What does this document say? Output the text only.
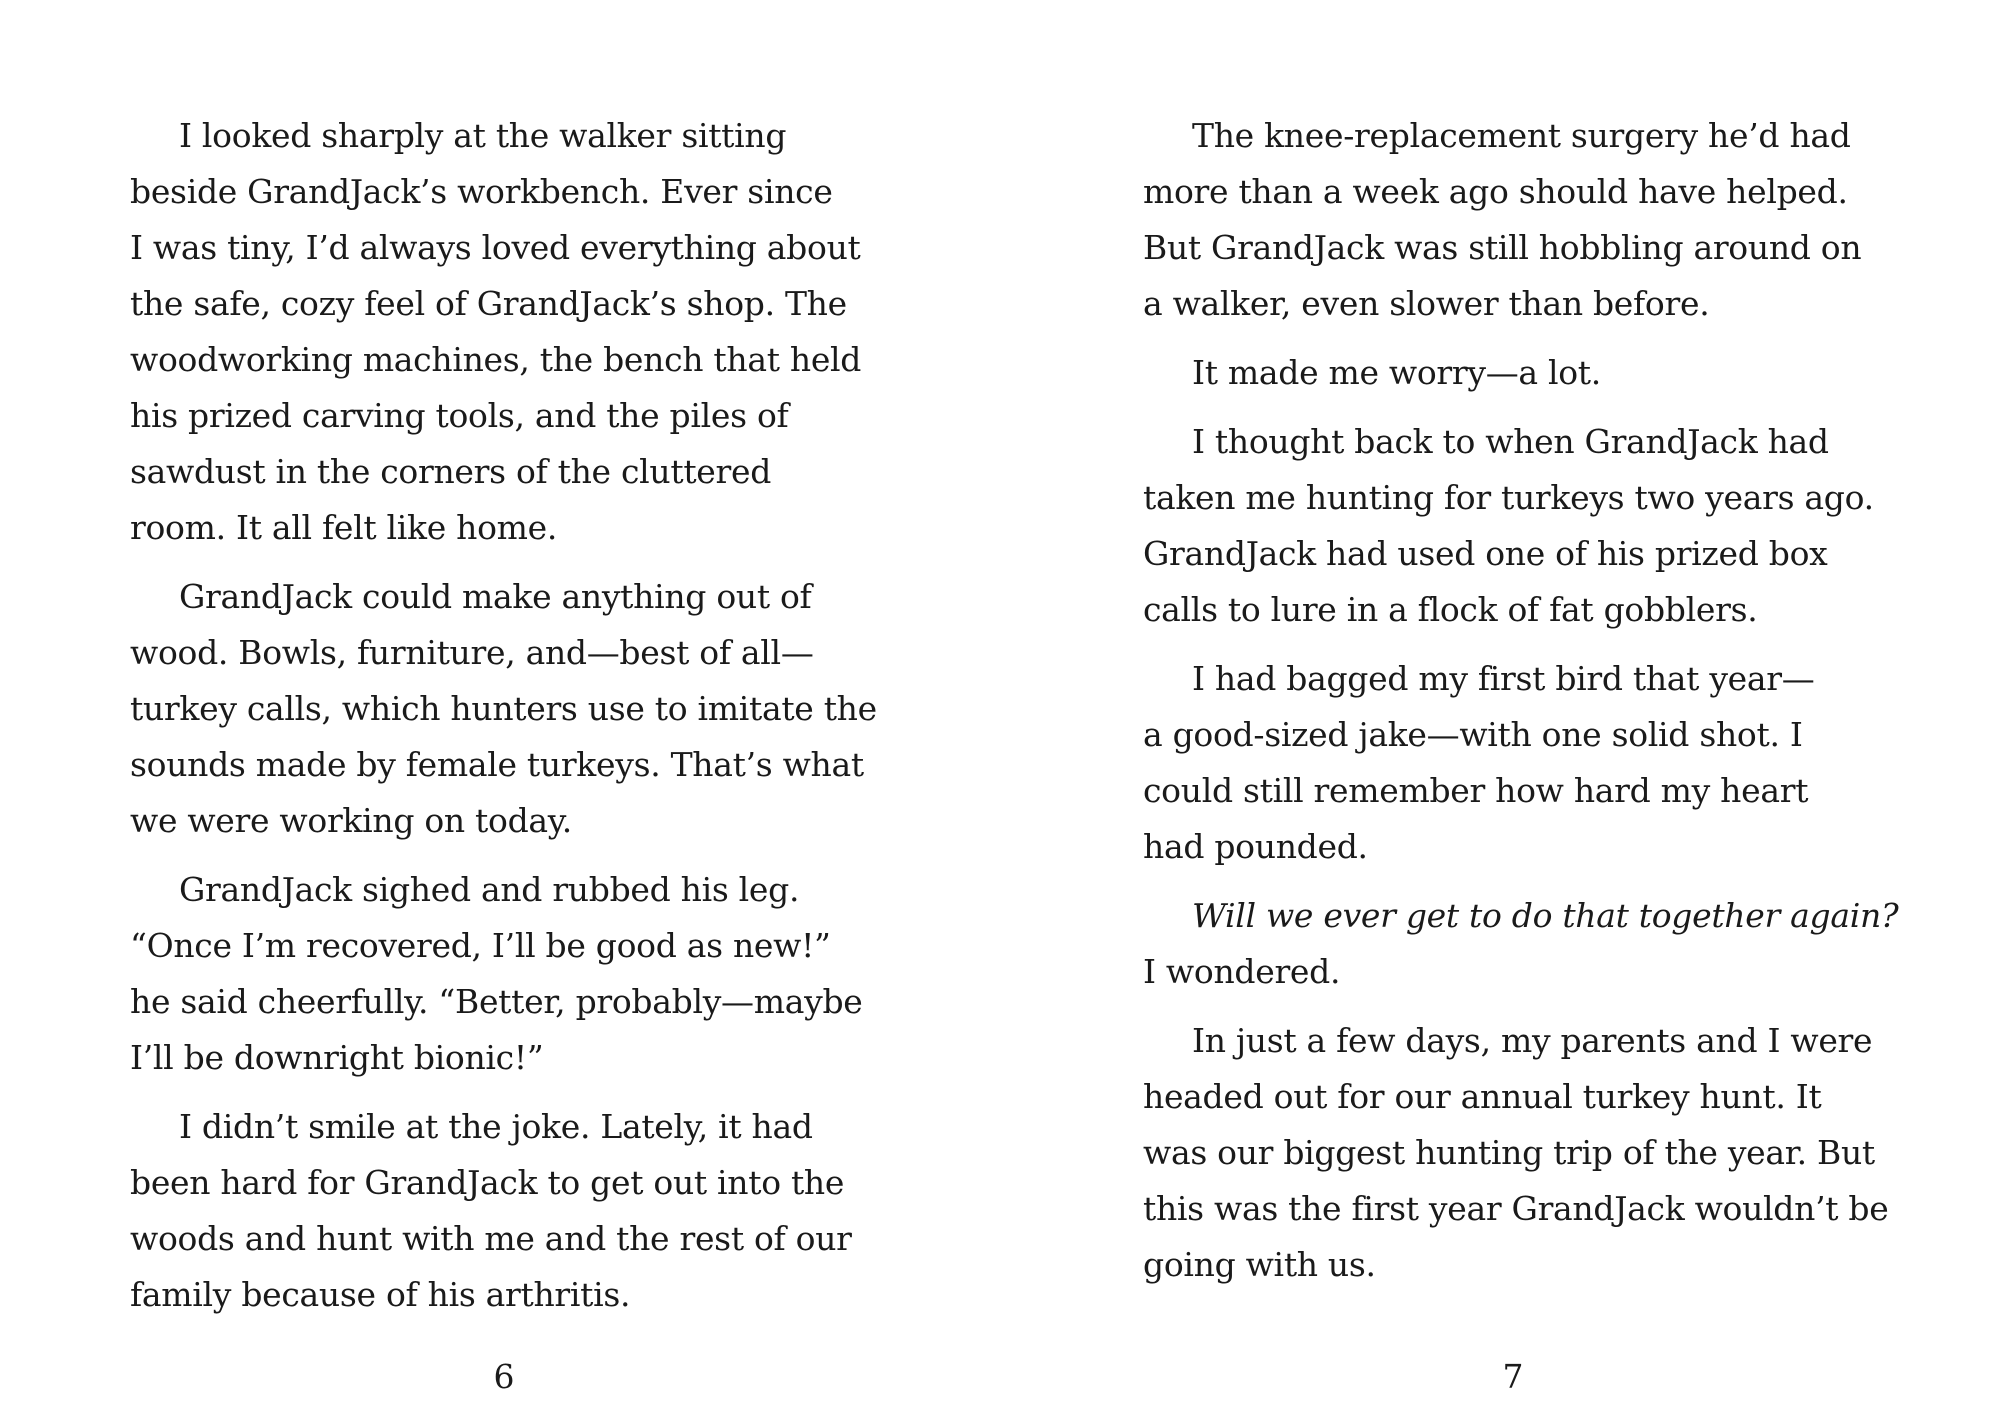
I looked sharply at the walker sitting
beside GrandJack’s workbench. Ever since
I was tiny, I’d always loved everything about
the safe, cozy feel of GrandJack’s shop. The
woodworking machines, the bench that held
his prized carving tools, and the piles of
sawdust in the corners of the cluttered
room. It all felt like home.

GrandJack could make anything out of
wood. Bowls, furniture, and—best of all—
turkey calls, which hunters use to imitate the
sounds made by female turkeys. That’s what
we were working on today.

GrandJack sighed and rubbed his leg.
“Once I’m recovered, I’ll be good as new!”
he said cheerfully. “Better, probably—maybe
I’ll be downright bionic!”

I didn’t smile at the joke. Lately, it had
been hard for GrandJack to get out into the
woods and hunt with me and the rest of our
family because of his arthritis.

6

The knee-replacement surgery he’d had
more than a week ago should have helped.
But GrandJack was still hobbling around on
a walker, even slower than before.

It made me worry—a lot.

I thought back to when GrandJack had
taken me hunting for turkeys two years ago.
GrandJack had used one of his prized box
calls to lure in a flock of fat gobblers.

I had bagged my first bird that year—
a good-sized jake—with one solid shot. I
could still remember how hard my heart
had pounded.

Will we ever get to do that together again?
I wondered.

In just a few days, my parents and I were
headed out for our annual turkey hunt. It
was our biggest hunting trip of the year. But
this was the first year GrandJack wouldn’t be
going with us.

7
